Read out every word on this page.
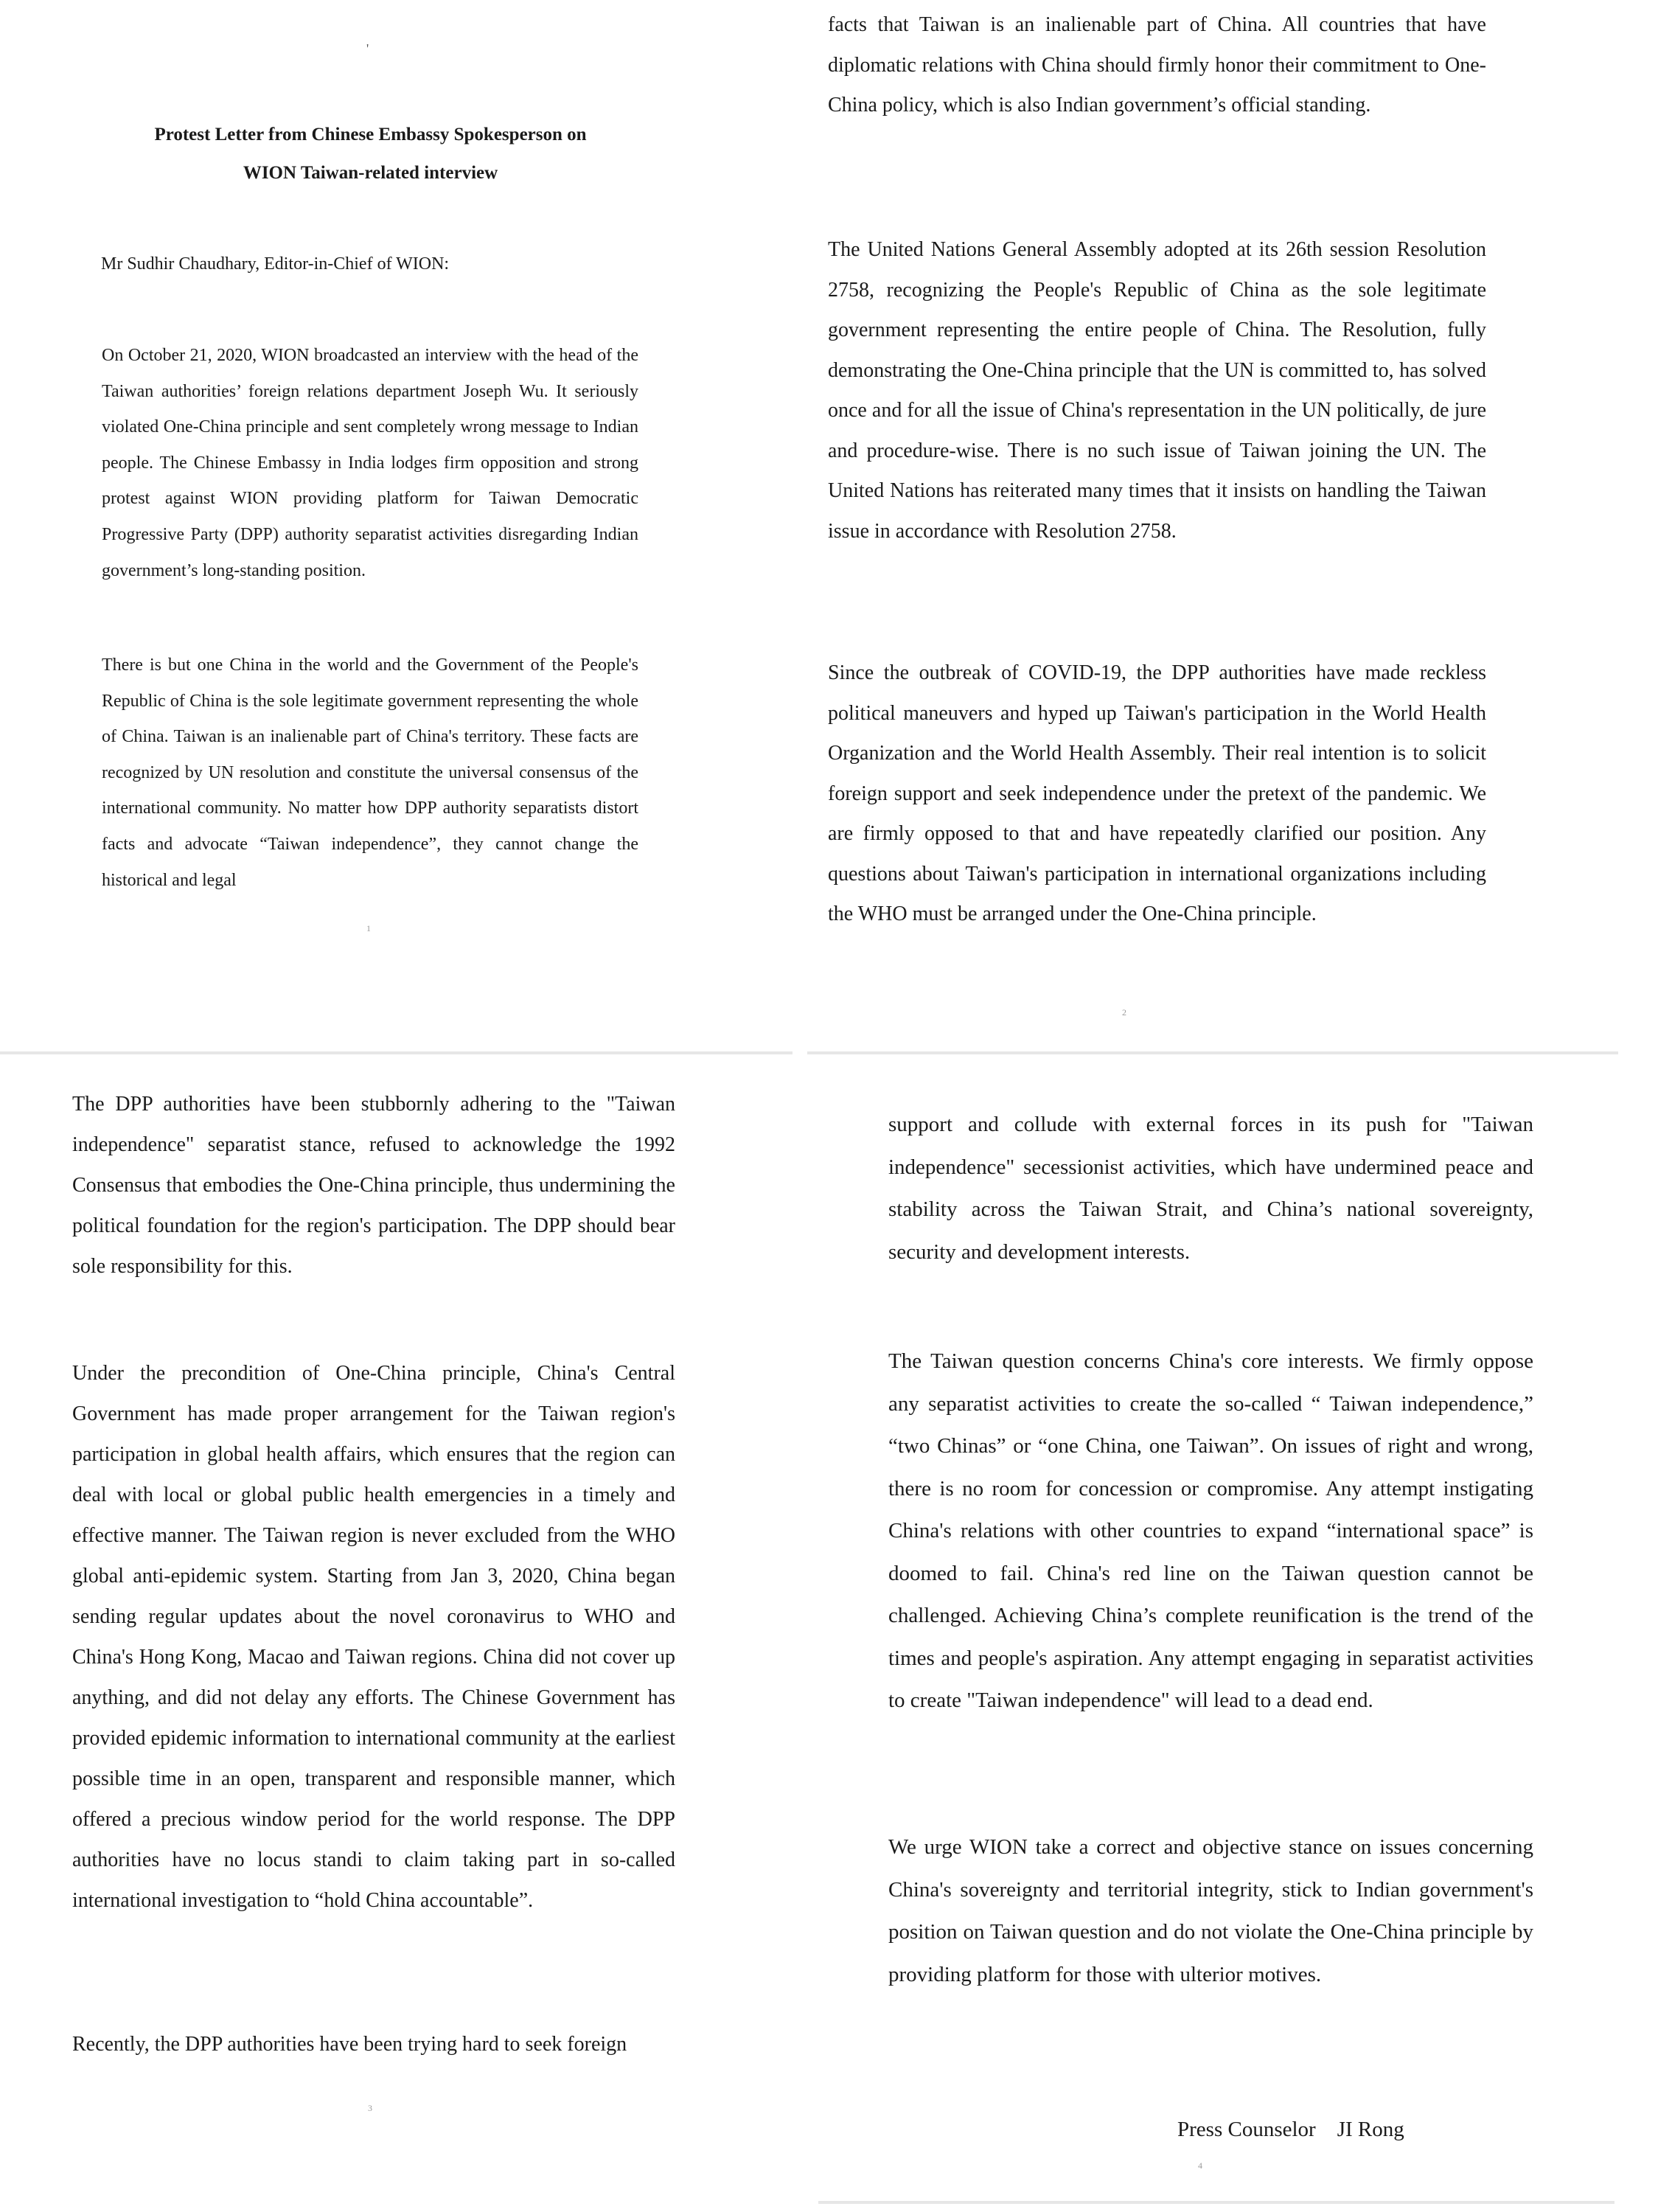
'
Protest Letter from Chinese Embassy Spokesperson on
WION Taiwan-related interview

Mr Sudhir Chaudhary, Editor-in-Chief of WION:

On October 21, 2020, WION broadcasted an interview with the head of the Taiwan authorities’ foreign relations department Joseph Wu. It seriously violated One-China principle and sent completely wrong message to Indian people. The Chinese Embassy in India lodges firm opposition and strong protest against WION providing platform for Taiwan Democratic Progressive Party (DPP) authority separatist activities disregarding Indian government’s long-standing position.

There is but one China in the world and the Government of the People's Republic of China is the sole legitimate government representing the whole of China. Taiwan is an inalienable part of China's territory. These facts are recognized by UN resolution and constitute the universal consensus of the international community. No matter how DPP authority separatists distort facts and advocate “Taiwan independence”, they cannot change the historical and legal

1

facts that Taiwan is an inalienable part of China. All countries that have diplomatic relations with China should firmly honor their commitment to One-China policy, which is also Indian government’s official standing.

The United Nations General Assembly adopted at its 26th session Resolution 2758, recognizing the People's Republic of China as the sole legitimate government representing the entire people of China. The Resolution, fully demonstrating the One-China principle that the UN is committed to, has solved once and for all the issue of China's representation in the UN politically, de jure and procedure-wise. There is no such issue of Taiwan joining the UN. The United Nations has reiterated many times that it insists on handling the Taiwan issue in accordance with Resolution 2758.

Since the outbreak of COVID-19, the DPP authorities have made reckless political maneuvers and hyped up Taiwan's participation in the World Health Organization and the World Health Assembly. Their real intention is to solicit foreign support and seek independence under the pretext of the pandemic. We are firmly opposed to that and have repeatedly clarified our position. Any questions about Taiwan's participation in international organizations including the WHO must be arranged under the One-China principle.

2

The DPP authorities have been stubbornly adhering to the "Taiwan independence" separatist stance, refused to acknowledge the 1992 Consensus that embodies the One-China principle, thus undermining the political foundation for the region's participation. The DPP should bear sole responsibility for this.

Under the precondition of One-China principle, China's Central Government has made proper arrangement for the Taiwan region's participation in global health affairs, which ensures that the region can deal with local or global public health emergencies in a timely and effective manner. The Taiwan region is never excluded from the WHO global anti-epidemic system. Starting from Jan 3, 2020, China began sending regular updates about the novel coronavirus to WHO and China's Hong Kong, Macao and Taiwan regions. China did not cover up anything, and did not delay any efforts. The Chinese Government has provided epidemic information to international community at the earliest possible time in an open, transparent and responsible manner, which offered a precious window period for the world response. The DPP authorities have no locus standi to claim taking part in so-called international investigation to “hold China accountable”.

Recently, the DPP authorities have been trying hard to seek foreign

3

support and collude with external forces in its push for "Taiwan independence" secessionist activities, which have undermined peace and stability across the Taiwan Strait, and China’s national sovereignty, security and development interests.

The Taiwan question concerns China's core interests. We firmly oppose any separatist activities to create the so-called “ Taiwan independence,” “two Chinas” or “one China, one Taiwan”. On issues of right and wrong, there is no room for concession or compromise. Any attempt instigating China's relations with other countries to expand “international space” is doomed to fail. China's red line on the Taiwan question cannot be challenged. Achieving China’s complete reunification is the trend of the times and people's aspiration. Any attempt engaging in separatist activities to create "Taiwan independence" will lead to a dead end.

We urge WION take a correct and objective stance on issues concerning China's sovereignty and territorial integrity, stick to Indian government's position on Taiwan question and do not violate the One-China principle by providing platform for those with ulterior motives.

Press Counselor    JI Rong

4
